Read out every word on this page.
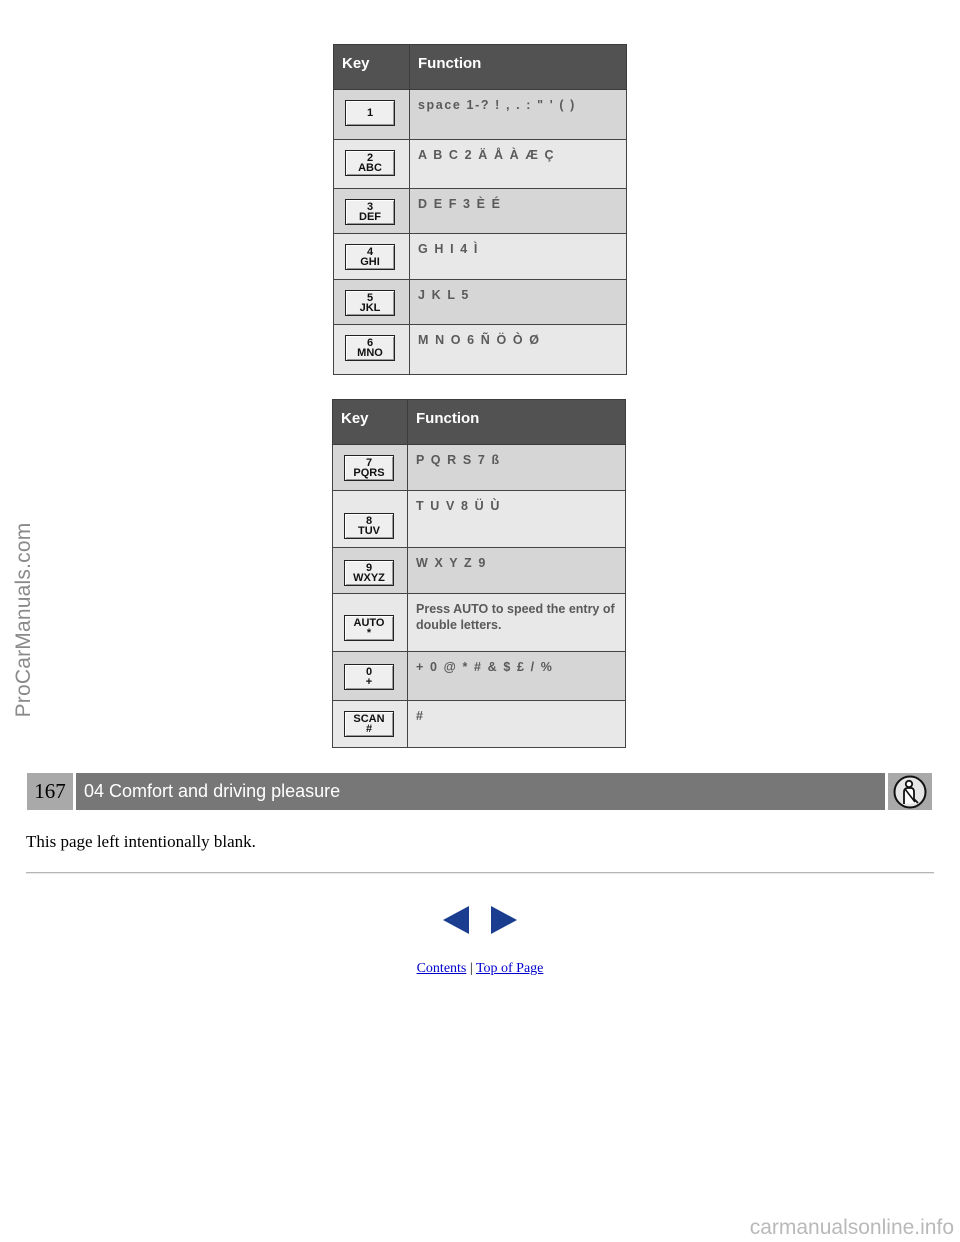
ProCarManuals.com
Key	Function

1	space 1-? ! , . : " ' ( )

2
ABC	A B C 2 Ä Å À Æ Ç

3
DEF	D E F 3 È É

4
GHI	G H I 4 Ì

5
JKL	J K L 5

6
MNO	M N O 6 Ñ Ö Ò Ø
Key	Function

7
PQRS	P Q R S 7 ß

8
TUV	T U V 8 Ü Ù

9
WXYZ	W X Y Z 9

AUTO
*	Press AUTO to speed the entry of double letters.

0
+	+ 0 @ * # & $ £ / %

SCAN
#	#
167	04 Comfort and driving pleasure
This page left intentionally blank.
Contents | Top of Page
carmanualsonline.info
